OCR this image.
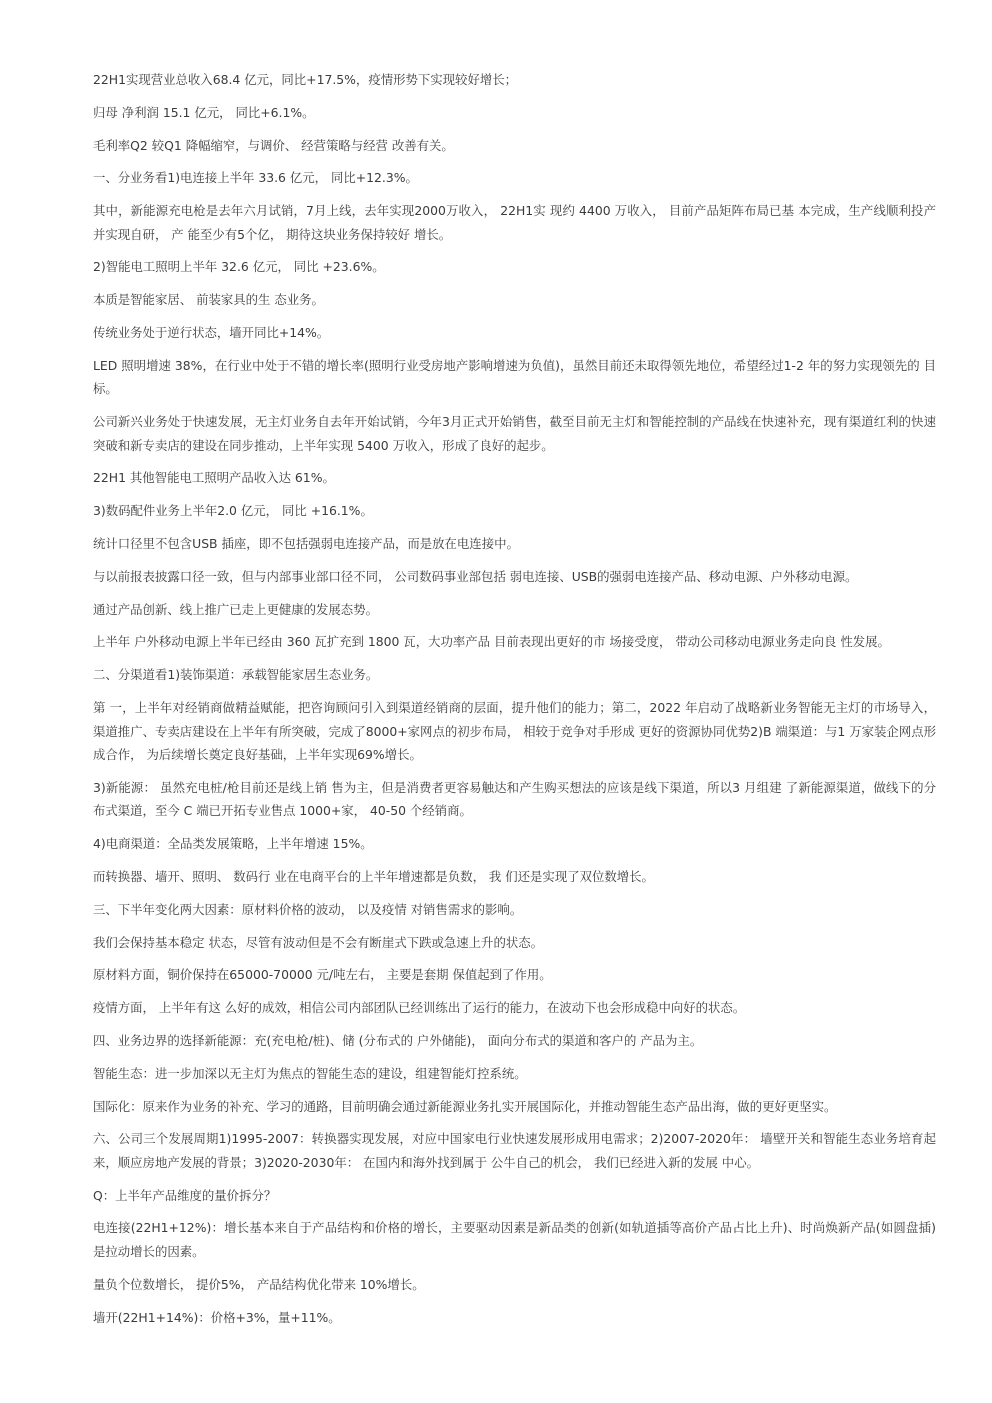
22H1实现营业总收入68.4 亿元，同比+17.5%，疫情形势下实现较好增长；

归母 净利润 15.1 亿元， 同比+6.1%。

毛利率Q2 较Q1 降幅缩窄，与调价、 经营策略与经营 改善有关。

一、分业务看1)电连接上半年 33.6 亿元， 同比+12.3%。

其中，新能源充电枪是去年六月试销，7月上线，去年实现2000万收入， 22H1实 现约 4400 万收入， 目前产品矩阵布局已基 本完成，生产线顺利投产并实现自研， 产 能至少有5个亿， 期待这块业务保持较好 增长。

2)智能电工照明上半年 32.6 亿元， 同比 +23.6%。

本质是智能家居、 前装家具的生 态业务。

传统业务处于逆行状态，墙开同比+14%。

LED 照明增速 38%，在行业中处于不错的增长率(照明行业受房地产影响增速为负值)，虽然目前还未取得领先地位，希望经过1-2 年的努力实现领先的 目标。

公司新兴业务处于快速发展，无主灯业务自去年开始试销，今年3月正式开始销售，截至目前无主灯和智能控制的产品线在快速补充，现有渠道红利的快速突破和新专卖店的建设在同步推动，上半年实现 5400 万收入，形成了良好的起步。

22H1 其他智能电工照明产品收入达 61%。

3)数码配件业务上半年2.0 亿元， 同比 +16.1%。

统计口径里不包含USB 插座，即不包括强弱电连接产品，而是放在电连接中。

与以前报表披露口径一致，但与内部事业部口径不同， 公司数码事业部包括 弱电连接、USB的强弱电连接产品、移动电源、户外移动电源。

通过产品创新、线上推广已走上更健康的发展态势。

上半年 户外移动电源上半年已经由 360 瓦扩充到 1800 瓦，大功率产品 目前表现出更好的市 场接受度， 带动公司移动电源业务走向良 性发展。

二、分渠道看1)装饰渠道：承载智能家居生态业务。

第 一，上半年对经销商做精益赋能，把咨询顾问引入到渠道经销商的层面，提升他们的能力；第二，2022 年启动了战略新业务智能无主灯的市场导入，渠道推广、专卖店建设在上半年有所突破，完成了8000+家网点的初步布局， 相较于竞争对手形成 更好的资源协同优势2)B 端渠道：与1 万家装企网点形成合作， 为后续增长奠定良好基础，上半年实现69%增长。

3)新能源： 虽然充电桩/枪目前还是线上销 售为主，但是消费者更容易触达和产生购买想法的应该是线下渠道，所以3 月组建 了新能源渠道，做线下的分布式渠道，至今 C 端已开拓专业售点 1000+家， 40-50 个经销商。

4)电商渠道：全品类发展策略，上半年增速 15%。

而转换器、墙开、照明、 数码行 业在电商平台的上半年增速都是负数， 我 们还是实现了双位数增长。

三、下半年变化两大因素：原材料价格的波动， 以及疫情 对销售需求的影响。

我们会保持基本稳定 状态，尽管有波动但是不会有断崖式下跌或急速上升的状态。

原材料方面，铜价保持在65000-70000 元/吨左右， 主要是套期 保值起到了作用。

疫情方面， 上半年有这 么好的成效，相信公司内部团队已经训练出了运行的能力，在波动下也会形成稳中向好的状态。

四、业务边界的选择新能源：充(充电枪/桩)、储 (分布式的 户外储能)， 面向分布式的渠道和客户的 产品为主。

智能生态：进一步加深以无主灯为焦点的智能生态的建设，组建智能灯控系统。

国际化：原来作为业务的补充、学习的通路，目前明确会通过新能源业务扎实开展国际化，并推动智能生态产品出海，做的更好更坚实。

六、公司三个发展周期1)1995-2007：转换器实现发展，对应中国家电行业快速发展形成用电需求；2)2007-2020年： 墙壁开关和智能生态业务培育起来，顺应房地产发展的背景；3)2020-2030年： 在国内和海外找到属于 公牛自己的机会， 我们已经进入新的发展 中心。

Q：上半年产品维度的量价拆分？

电连接(22H1+12%)：增长基本来自于产品结构和价格的增长，主要驱动因素是新品类的创新(如轨道插等高价产品占比上升)、时尚焕新产品(如圆盘插)是拉动增长的因素。

量负个位数增长， 提价5%， 产品结构优化带来 10%增长。

墙开(22H1+14%)：价格+3%，量+11%。
